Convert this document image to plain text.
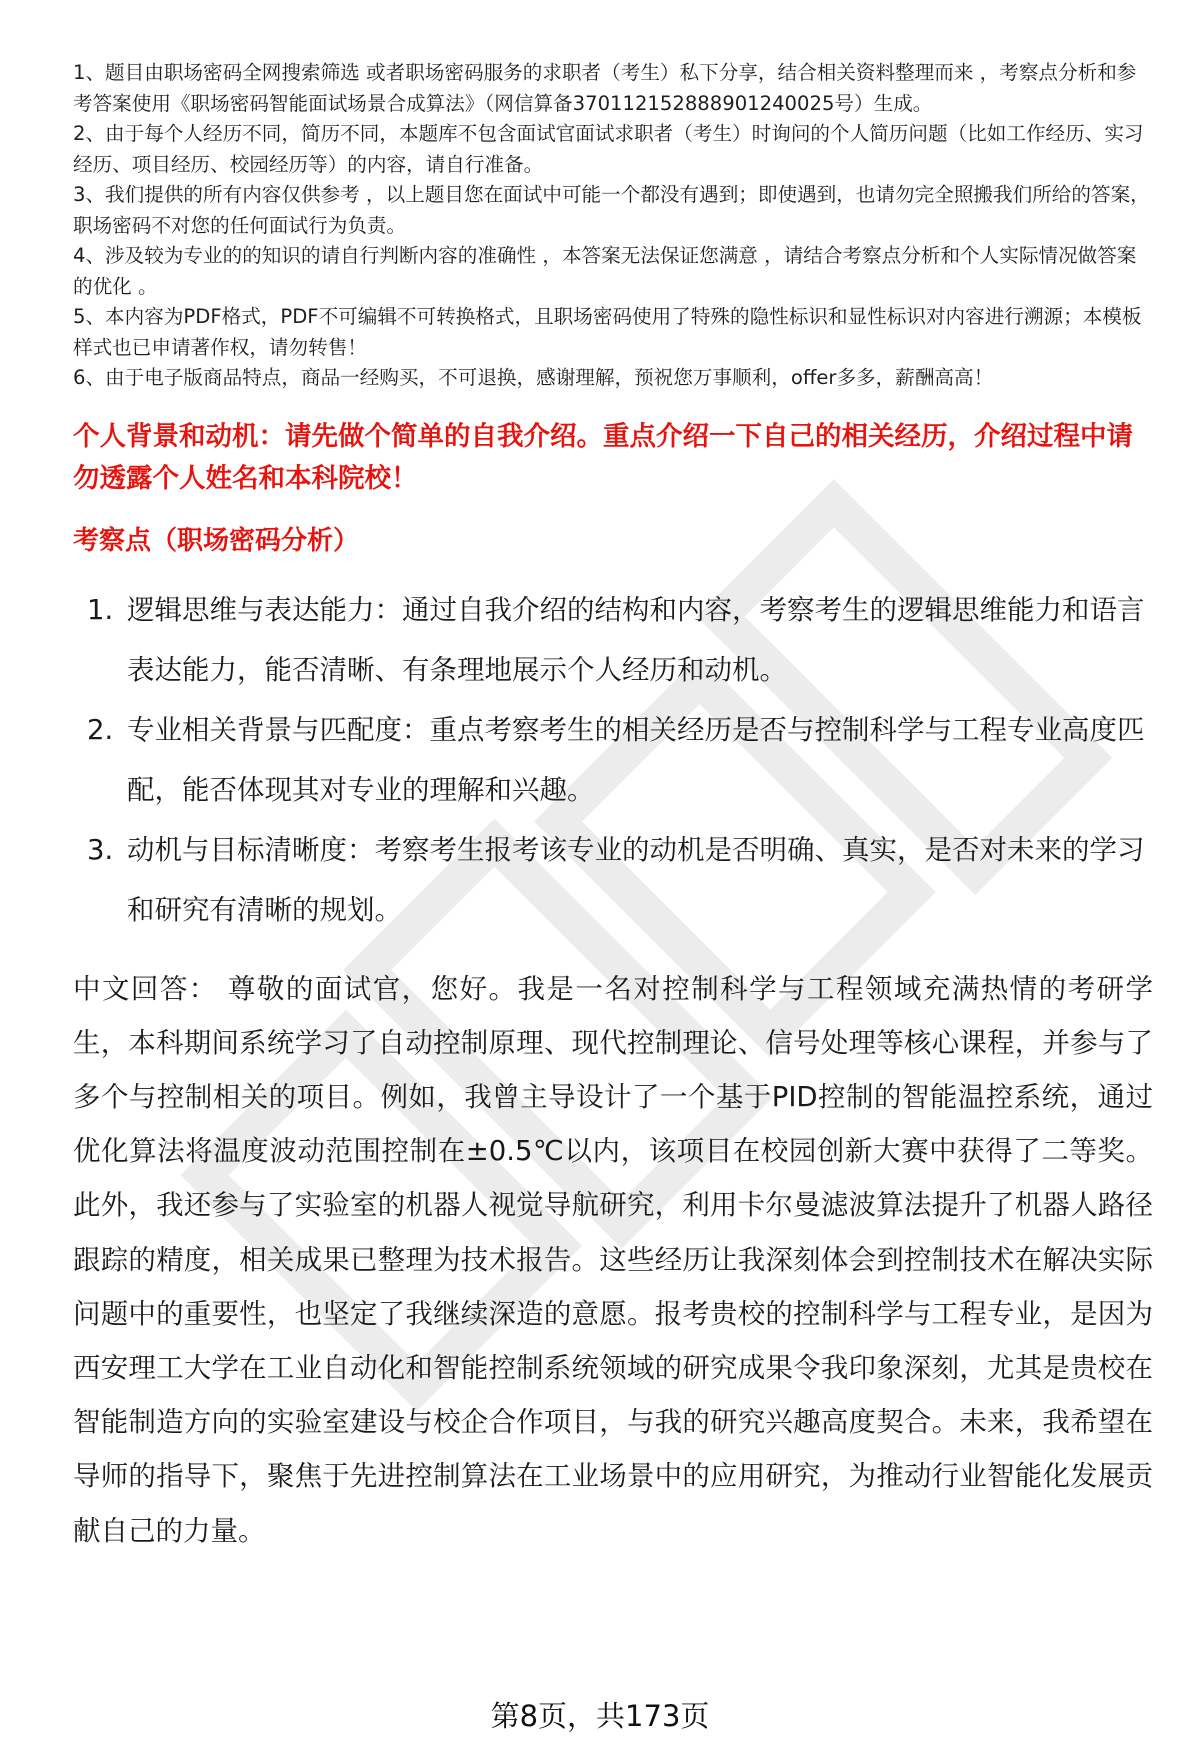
1、题目由职场密码全网搜索筛选 或者职场密码服务的求职者（考生）私下分享，结合相关资料整理而来 ，考察点分析和参考答案使用《职场密码智能面试场景合成算法》（网信算备370112152888901240025号）生成。

2、由于每个人经历不同，简历不同，本题库不包含面试官面试求职者（考生）时询问的个人简历问题（比如工作经历、实习经历、项目经历、校园经历等）的内容，请自行准备。

3、我们提供的所有内容仅供参考 ，以上题目您在面试中可能一个都没有遇到；即使遇到，也请勿完全照搬我们所给的答案，职场密码不对您的任何面试行为负责。

4、涉及较为专业的的知识的请自行判断内容的准确性 ，本答案无法保证您满意 ，请结合考察点分析和个人实际情况做答案的优化 。

5、本内容为PDF格式，PDF不可编辑不可转换格式，且职场密码使用了特殊的隐性标识和显性标识对内容进行溯源；本模板样式也已申请著作权，请勿转售！

6、由于电子版商品特点，商品一经购买，不可退换，感谢理解，预祝您万事顺利，offer多多，薪酬高高！

个人背景和动机：请先做个简单的自我介绍。重点介绍一下自己的相关经历，介绍过程中请勿透露个人姓名和本科院校！
考察点（职场密码分析）
1. 逻辑思维与表达能力：通过自我介绍的结构和内容，考察考生的逻辑思维能力和语言表达能力，能否清晰、有条理地展示个人经历和动机。
2. 专业相关背景与匹配度：重点考察考生的相关经历是否与控制科学与工程专业高度匹配，能否体现其对专业的理解和兴趣。
3. 动机与目标清晰度：考察考生报考该专业的动机是否明确、真实，是否对未来的学习和研究有清晰的规划。
中文回答： 尊敬的面试官，您好。我是一名对控制科学与工程领域充满热情的考研学生，本科期间系统学习了自动控制原理、现代控制理论、信号处理等核心课程，并参与了多个与控制相关的项目。例如，我曾主导设计了一个基于PID控制的智能温控系统，通过优化算法将温度波动范围控制在±0.5℃以内，该项目在校园创新大赛中获得了二等奖。此外，我还参与了实验室的机器人视觉导航研究，利用卡尔曼滤波算法提升了机器人路径跟踪的精度，相关成果已整理为技术报告。这些经历让我深刻体会到控制技术在解决实际问题中的重要性，也坚定了我继续深造的意愿。报考贵校的控制科学与工程专业，是因为西安理工大学在工业自动化和智能控制系统领域的研究成果令我印象深刻，尤其是贵校在智能制造方向的实验室建设与校企合作项目，与我的研究兴趣高度契合。未来，我希望在导师的指导下，聚焦于先进控制算法在工业场景中的应用研究，为推动行业智能化发展贡献自己的力量。
第8页，共173页
